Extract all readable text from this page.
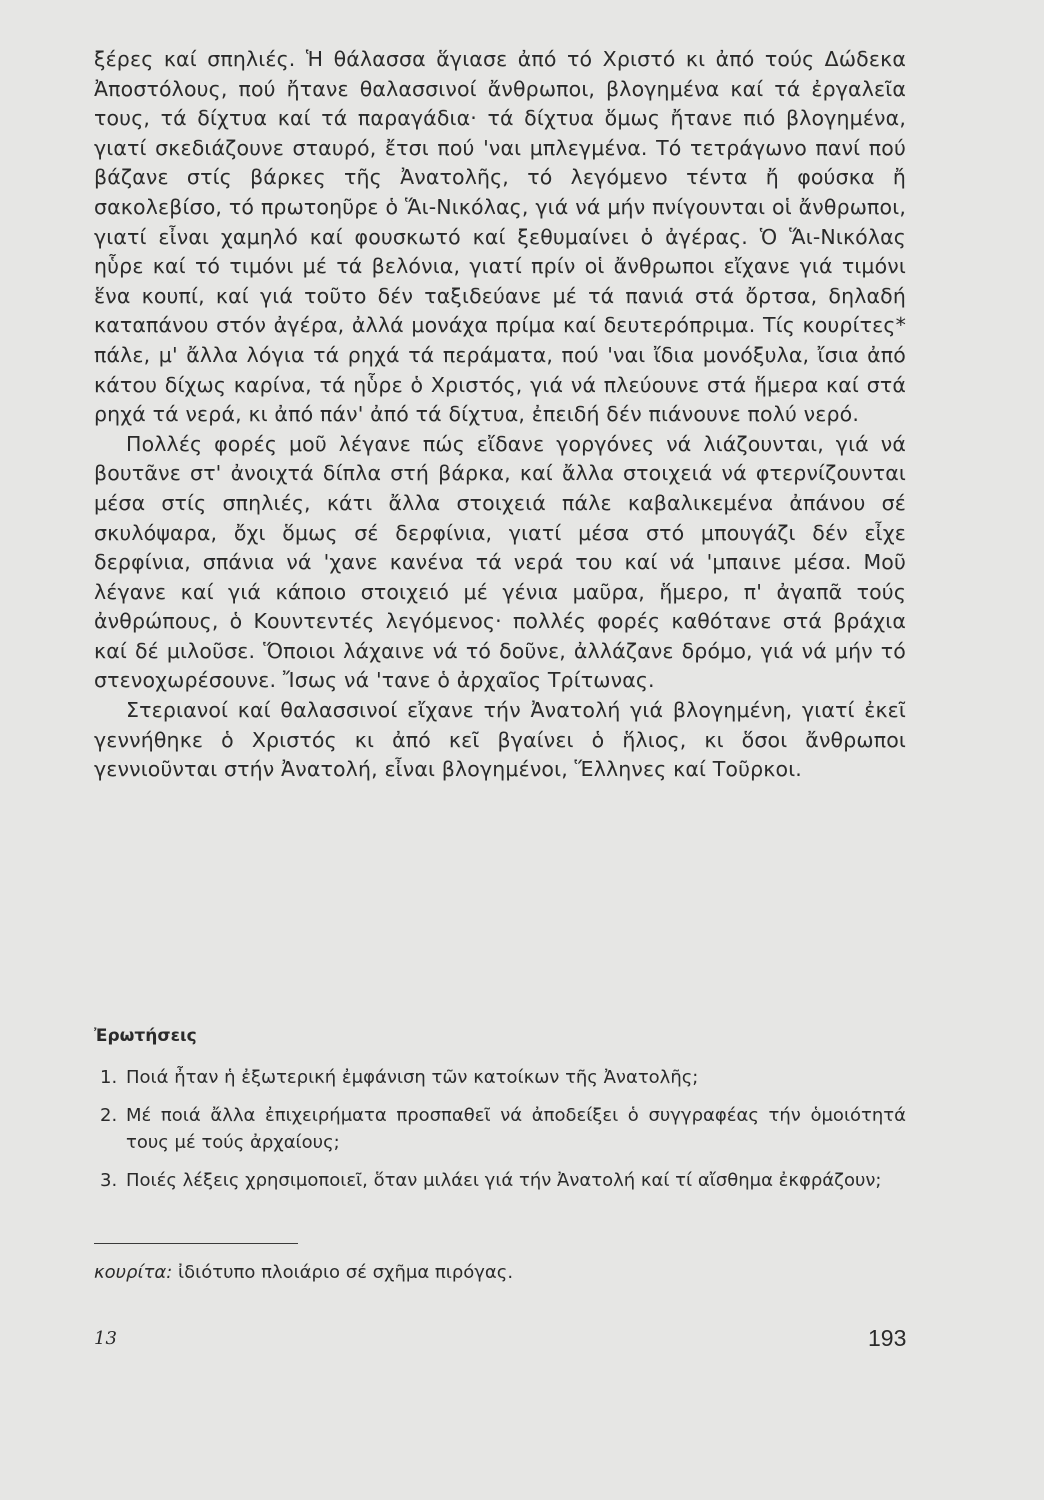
ξέρες καί σπηλιές. Ἡ θάλασσα ἅγιασε ἀπό τό Χριστό κι ἀπό τούς Δώδεκα Ἀποστόλους, πού ἤτανε θαλασσινοί ἄνθρωποι, βλογημένα καί τά ἐργαλεῖα τους, τά δίχτυα καί τά παραγάδια· τά δίχτυα ὅμως ἤτανε πιό βλογημένα, γιατί σκεδιάζουνε σταυρό, ἔτσι πού 'ναι μπλεγμένα. Τό τετράγωνο πανί πού βάζανε στίς βάρκες τῆς Ἀνατολῆς, τό λεγόμενο τέντα ἤ φούσκα ἤ σακολεβίσο, τό πρωτοηῦρε ὁ Ἅι-Νικόλας, γιά νά μήν πνίγουνται οἱ ἄνθρωποι, γιατί εἶναι χαμηλό καί φουσκωτό καί ξεθυμαίνει ὁ ἀγέρας. Ὁ Ἅι-Νικόλας ηὗρε καί τό τιμόνι μέ τά βελόνια, γιατί πρίν οἱ ἄνθρωποι εἴχανε γιά τιμόνι ἕνα κουπί, καί γιά τοῦτο δέν ταξιδεύανε μέ τά πανιά στά ὄρτσα, δηλαδή καταπάνου στόν ἀγέρα, ἀλλά μονάχα πρίμα καί δευτερόπριμα. Τίς κουρίτες* πάλε, μ' ἄλλα λόγια τά ρηχά τά περάματα, πού 'ναι ἴδια μονόξυλα, ἴσια ἀπό κάτου δίχως καρίνα, τά ηὗρε ὁ Χριστός, γιά νά πλεύουνε στά ἥμερα καί στά ρηχά τά νερά, κι ἀπό πάν' ἀπό τά δίχτυα, ἐπειδή δέν πιάνουνε πολύ νερό.

Πολλές φορές μοῦ λέγανε πώς εἴδανε γοργόνες νά λιάζουνται, γιά νά βουτᾶνε στ' ἀνοιχτά δίπλα στή βάρκα, καί ἄλλα στοιχειά νά φτερνίζουνται μέσα στίς σπηλιές, κάτι ἄλλα στοιχειά πάλε καβαλικεμένα ἀπάνου σέ σκυλόψαρα, ὄχι ὅμως σέ δερφίνια, γιατί μέσα στό μπουγάζι δέν εἶχε δερφίνια, σπάνια νά 'χανε κανένα τά νερά του καί νά 'μπαινε μέσα. Μοῦ λέγανε καί γιά κάποιο στοιχειό μέ γένια μαῦρα, ἥμερο, π' ἀγαπᾶ τούς ἀνθρώπους, ὁ Κουντεντές λεγόμενος· πολλές φορές καθότανε στά βράχια καί δέ μιλοῦσε. Ὅποιοι λάχαινε νά τό δοῦνε, ἀλλάζανε δρόμο, γιά νά μήν τό στενοχωρέσουνε. Ἴσως νά 'τανε ὁ ἀρχαῖος Τρίτωνας.

Στεριανοί καί θαλασσινοί εἴχανε τήν Ἀνατολή γιά βλογημένη, γιατί ἐκεῖ γεννήθηκε ὁ Χριστός κι ἀπό κεῖ βγαίνει ὁ ἥλιος, κι ὅσοι ἄνθρωποι γεννιοῦνται στήν Ἀνατολή, εἶναι βλογημένοι, Ἕλληνες καί Τοῦρκοι.

Ἐρωτήσεις
1. Ποιά ἦταν ἡ ἐξωτερική ἐμφάνιση τῶν κατοίκων τῆς Ἀνατολῆς;
2. Μέ ποιά ἄλλα ἐπιχειρήματα προσπαθεῖ νά ἀποδείξει ὁ συγγραφέας τήν ὁμοιότητά τους μέ τούς ἀρχαίους;
3. Ποιές λέξεις χρησιμοποιεῖ, ὅταν μιλάει γιά τήν Ἀνατολή καί τί αἴσθημα ἐκφράζουν;
κουρίτα: ἰδιότυπο πλοιάριο σέ σχῆμα πιρόγας.
13	193
